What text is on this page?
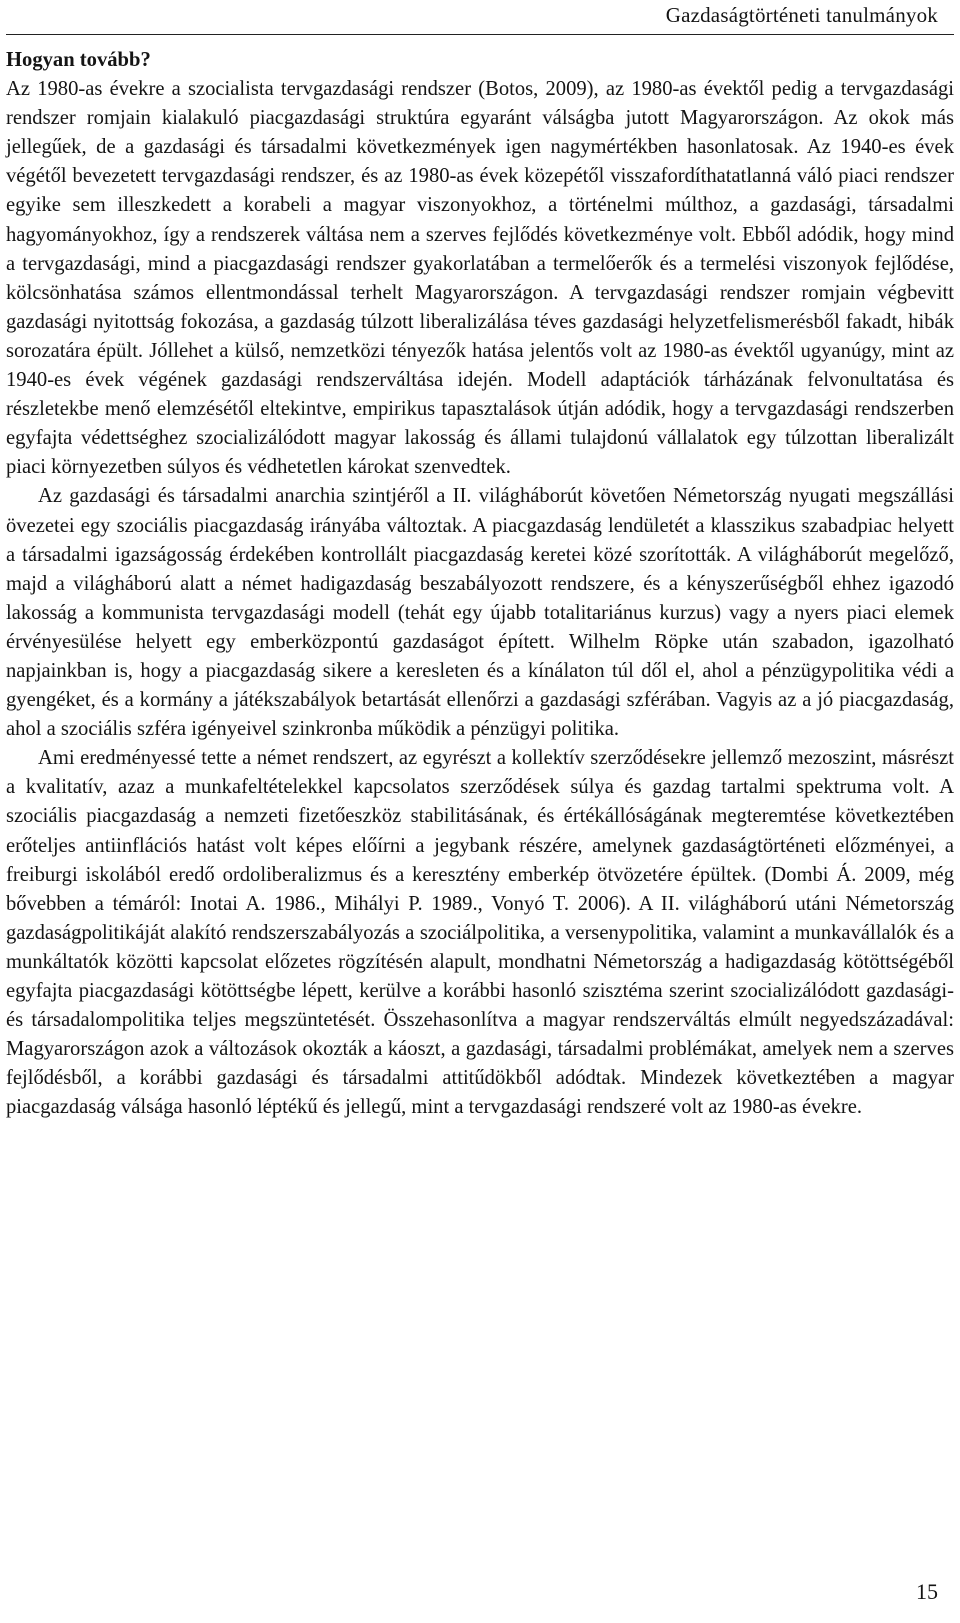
Gazdaságtörténeti tanulmányok

Hogyan tovább?

Az 1980-as évekre a szocialista tervgazdasági rendszer (Botos, 2009), az 1980-as évektől pedig a tervgazdasági rendszer romjain kialakuló piacgazdasági struktúra egyaránt válságba jutott Magyarországon. Az okok más jellegűek, de a gazdasági és társadalmi következmények igen nagymértékben hasonlatosak. Az 1940-es évek végétől bevezetett tervgazdasági rendszer, és az 1980-as évek közepétől visszafordíthatatlanná váló piaci rendszer egyike sem illeszkedett a korabeli a magyar viszonyokhoz, a történelmi múlthoz, a gazdasági, társadalmi hagyományokhoz, így a rendszerek váltása nem a szerves fejlődés következménye volt. Ebből adódik, hogy mind a tervgazdasági, mind a piacgazdasági rendszer gyakorlatában a termelőerők és a termelési viszonyok fejlődése, kölcsönhatása számos ellentmondással terhelt Magyarországon. A tervgazdasági rendszer romjain végbevitt gazdasági nyitottság fokozása, a gazdaság túlzott liberalizálása téves gazdasági helyzetfelismerésből fakadt, hibák sorozatára épült. Jóllehet a külső, nemzetközi tényezők hatása jelentős volt az 1980-as évektől ugyanúgy, mint az 1940-es évek végének gazdasági rendszerváltása idején. Modell adaptációk tárházának felvonultatása és részletekbe menő elemzésétől eltekintve, empirikus tapasztalások útján adódik, hogy a tervgazdasági rendszerben egyfajta védettséghez szocializálódott magyar lakosság és állami tulajdonú vállalatok egy túlzottan liberalizált piaci környezetben súlyos és védhetetlen károkat szenvedtek.

Az gazdasági és társadalmi anarchia szintjéről a II. világháborút követően Németország nyugati megszállási övezetei egy szociális piacgazdaság irányába változtak. A piacgazdaság lendületét a klasszikus szabadpiac helyett a társadalmi igazságosság érdekében kontrollált piacgazdaság keretei közé szorították. A világháborút megelőző, majd a világháború alatt a német hadigazdaság beszabályozott rendszere, és a kényszerűségből ehhez igazodó lakosság a kommunista tervgazdasági modell (tehát egy újabb totalitariánus kurzus) vagy a nyers piaci elemek érvényesülése helyett egy emberközpontú gazdaságot épített. Wilhelm Röpke után szabadon, igazolható napjainkban is, hogy a piacgazdaság sikere a keresleten és a kínálaton túl dől el, ahol a pénzügypolitika védi a gyengéket, és a kormány a játékszabályok betartását ellenőrzi a gazdasági szférában. Vagyis az a jó piacgazdaság, ahol a szociális szféra igényeivel szinkronba működik a pénzügyi politika.

Ami eredményessé tette a német rendszert, az egyrészt a kollektív szerződésekre jellemző mezoszint, másrészt a kvalitatív, azaz a munkafeltételekkel kapcsolatos szerződések súlya és gazdag tartalmi spektruma volt. A szociális piacgazdaság a nemzeti fizetőeszköz stabilitásának, és értékállóságának megteremtése következtében erőteljes antiinflációs hatást volt képes előírni a jegybank részére, amelynek gazdaságtörténeti előzményei, a freiburgi iskolából eredő ordoliberalizmus és a keresztény emberkép ötvözetére épültek. (Dombi Á. 2009, még bővebben a témáról: Inotai A. 1986., Mihályi P. 1989., Vonyó T. 2006). A II. világháború utáni Németország gazdaságpolitikáját alakító rendszerszabályozás a szociálpolitika, a versenypolitika, valamint a munkavállalók és a munkáltatók közötti kapcsolat előzetes rögzítésén alapult, mondhatni Németország a hadigazdaság kötöttségéből egyfajta piacgazdasági kötöttségbe lépett, kerülve a korábbi hasonló szisztéma szerint szocializálódott gazdasági- és társadalompolitika teljes megszüntetését. Összehasonlítva a magyar rendszerváltás elmúlt negyedszázadával: Magyarországon azok a változások okozták a káoszt, a gazdasági, társadalmi problémákat, amelyek nem a szerves fejlődésből, a korábbi gazdasági és társadalmi attitűdökből adódtak. Mindezek következtében a magyar piacgazdaság válsága hasonló léptékű és jellegű, mint a tervgazdasági rendszeré volt az 1980-as évekre.

15
